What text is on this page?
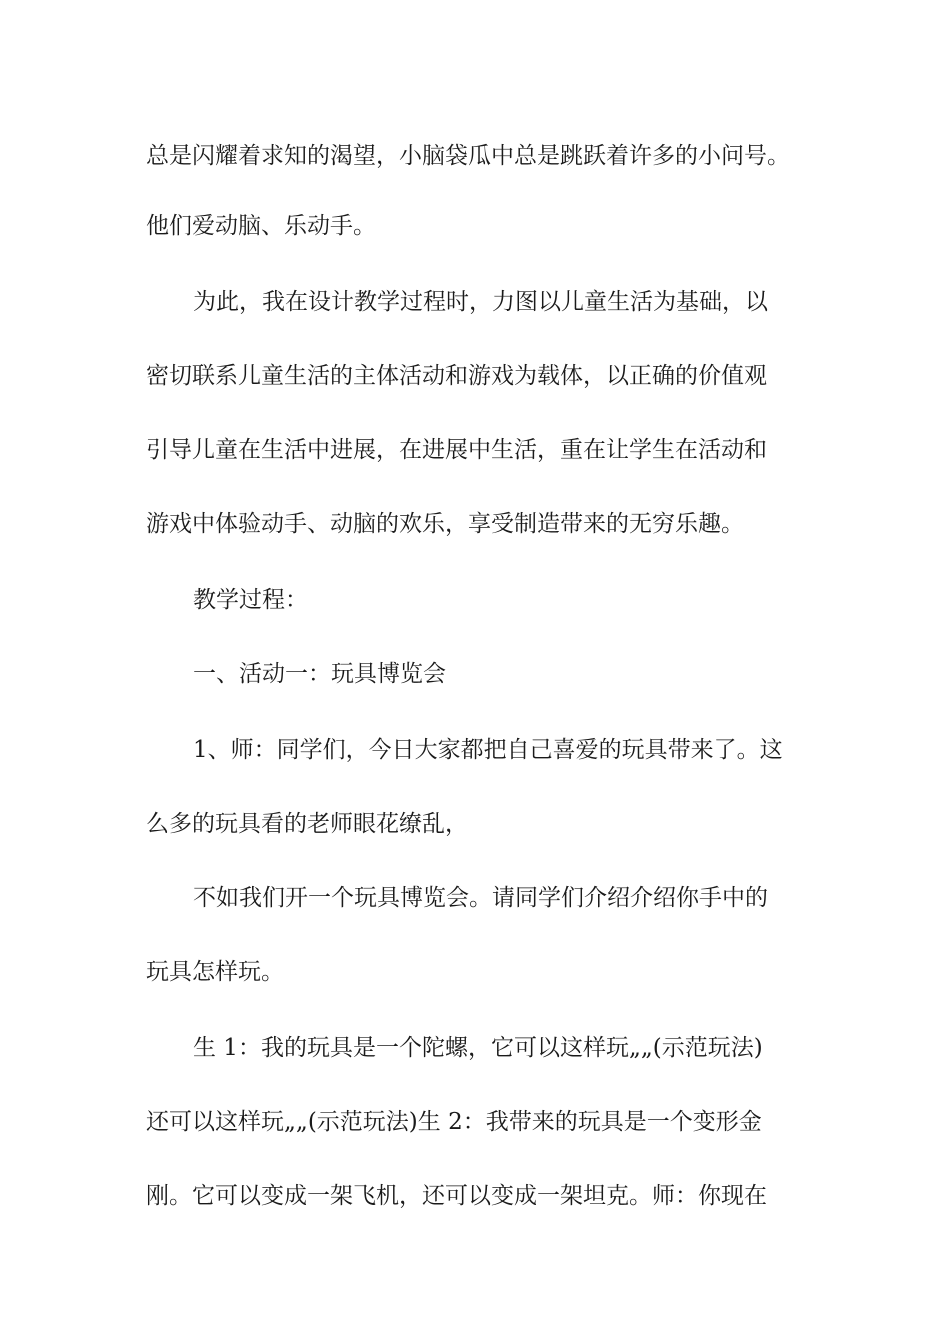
总是闪耀着求知的渴望，小脑袋瓜中总是跳跃着许多的小问号。
他们爱动脑、乐动手。
为此，我在设计教学过程时，力图以儿童生活为基础，以
密切联系儿童生活的主体活动和游戏为载体，以正确的价值观
引导儿童在生活中进展，在进展中生活，重在让学生在活动和
游戏中体验动手、动脑的欢乐，享受制造带来的无穷乐趣。
教学过程：
一、活动一：玩具博览会
1、师：同学们，今日大家都把自己喜爱的玩具带来了。这
么多的玩具看的老师眼花缭乱，
不如我们开一个玩具博览会。请同学们介绍介绍你手中的
玩具怎样玩。
生 1：我的玩具是一个陀螺，它可以这样玩„„(示范玩法)
还可以这样玩„„(示范玩法)生 2：我带来的玩具是一个变形金
刚。它可以变成一架飞机，还可以变成一架坦克。师：你现在
